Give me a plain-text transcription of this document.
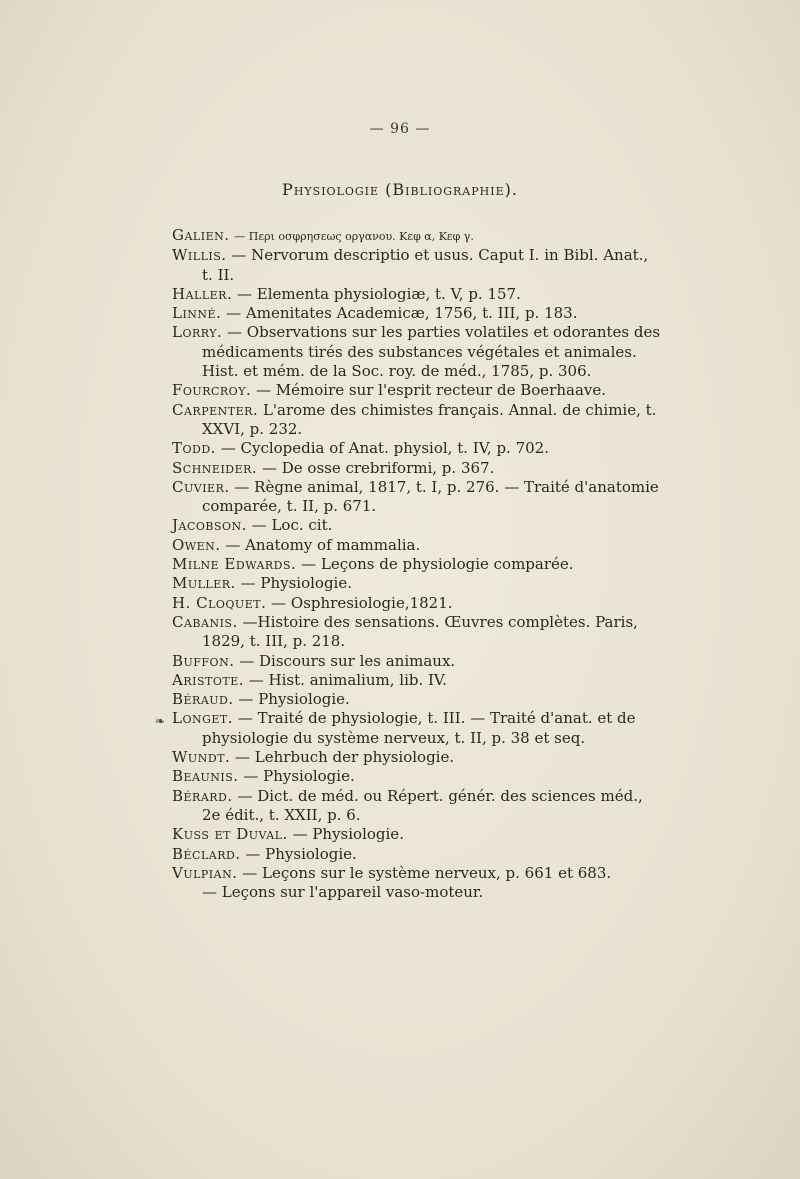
— 96 —
Physiologie (Bibliographie).
❧

Galien. — Περι οσφρησεως οργανου. Κεφ α, Κεφ γ.

Willis. — Nervorum descriptio et usus. Caput I. in Bibl. Anat., t. II.

Haller. — Elementa physiologiæ, t. V, p. 157.

Linné. — Amenitates Academicæ, 1756, t. III, p. 183.

Lorry. — Observations sur les parties volatiles et odorantes des médicaments tirés des substances végétales et animales. Hist. et mém. de la Soc. roy. de méd., 1785, p. 306.

Fourcroy. — Mémoire sur l'esprit recteur de Boerhaave.

Carpenter. L'arome des chimistes français. Annal. de chimie, t. XXVI, p. 232.

Todd. — Cyclopedia of Anat. physiol, t. IV, p. 702.

Schneider. — De osse crebriformi, p. 367.

Cuvier. — Règne animal, 1817, t. I, p. 276. — Traité d'anatomie comparée, t. II, p. 671.

Jacobson. — Loc. cit.

Owen. — Anatomy of mammalia.

Milne Edwards. — Leçons de physiologie comparée.

Muller. — Physiologie.

H. Cloquet. — Osphresiologie,1821.

Cabanis. —Histoire des sensations. Œuvres complètes. Paris, 1829, t. III, p. 218.

Buffon. — Discours sur les animaux.

Aristote. — Hist. animalium, lib. IV.

Béraud. — Physiologie.

Longet. — Traité de physiologie, t. III. — Traité d'anat. et de physiologie du système nerveux, t. II, p. 38 et seq.

Wundt. — Lehrbuch der physiologie.

Beaunis. — Physiologie.

Bérard. — Dict. de méd. ou Répert. génér. des sciences méd., 2e édit., t. XXII, p. 6.

Kuss et Duval. — Physiologie.

Béclard. — Physiologie.

Vulpian. — Leçons sur le système nerveux, p. 661 et 683.

— Leçons sur l'appareil vaso-moteur.
